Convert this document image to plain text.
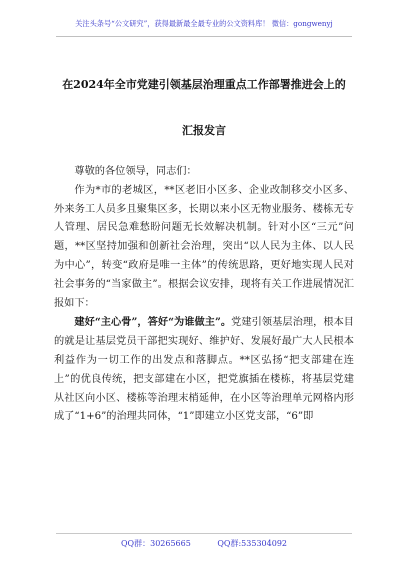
关注头条号“公文研究”，获得最新最全最专业的公文资料库！ 微信：gongwenyj
在2024年全市党建引领基层治理重点工作部署推进会上的
汇报发言

尊敬的各位领导，同志们：

作为*市的老城区，**区老旧小区多、企业改制移交小区多、外来务工人员多且聚集区多，长期以来小区无物业服务、楼栋无专人管理、居民急难愁盼问题无长效解决机制。针对小区“三元”问题，**区坚持加强和创新社会治理，突出“以人民为主体、以人民为中心”，转变“政府是唯一主体”的传统思路，更好地实现人民对社会事务的“当家做主”。根据会议安排，现将有关工作进展情况汇报如下：

建好“主心骨”，答好“为谁做主”。党建引领基层治理，根本目的就是让基层党员干部把实现好、维护好、发展好最广大人民根本利益作为一切工作的出发点和落脚点。**区弘扬“把支部建在连上”的优良传统，把支部建在小区，把党旗插在楼栋，将基层党建从社区向小区、楼栋等治理末梢延伸，在小区等治理单元网格内形成了“1+6”的治理共同体，“1”即建立小区党支部，“6”即

QQ群：30265665	QQ群:535304092
